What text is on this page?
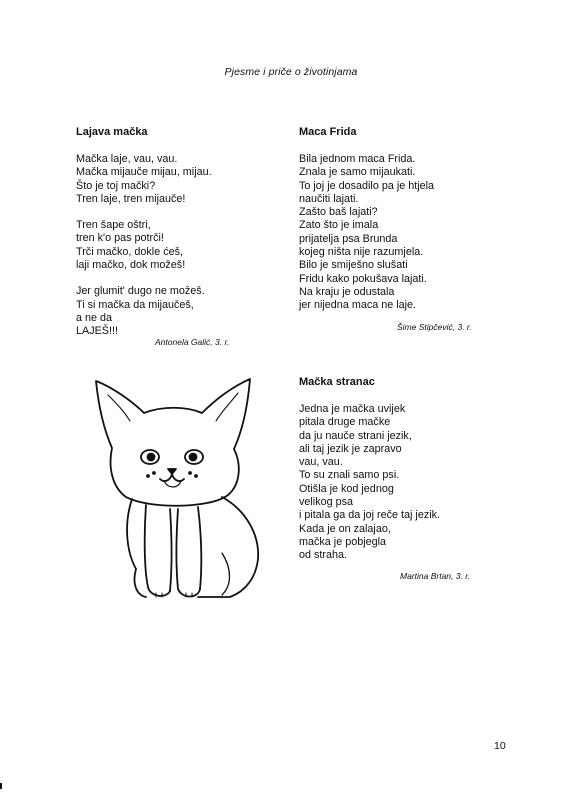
Pjesme i priče o životinjama
Lajava mačka
Mačka laje, vau, vau.
Mačka mijauče mijau, mijau.
Što je toj mački?
Tren laje, tren mijauče!
Tren šape oštri,
tren k'o pas potrči!
Trči mačko, dokle ćeš,
laji mačko, dok možeš!
Jer glumit' dugo ne možeš.
Ti si mačka da mijaučeš,
a ne da
LAJEŠ!!!
Antonela Galić, 3. r.
Maca Frida
Bila jednom maca Frida.
Znala je samo mijaukati.
To joj je dosadilo pa je htjela
naučiti lajati.
Zašto baš lajati?
Zato što je imala
prijatelja psa Brunda
kojeg ništa nije razumjela.
Bilo je smiješno slušati
Fridu kako pokušava lajati.
Na kraju je odustala
jer nijedna maca ne laje.
Šime Stipčević, 3. r.
Mačka stranac
Jedna je mačka uvijek
pitala druge mačke
da ju nauče strani jezik,
ali taj jezik je zapravo
vau, vau.
To su znali samo psi.
Otišla je kod jednog
velikog psa
i pitala ga da joj reče taj jezik.
Kada je on zalajao,
mačka je pobjegla
od straha.
Martina Brtan, 3. r.
10
